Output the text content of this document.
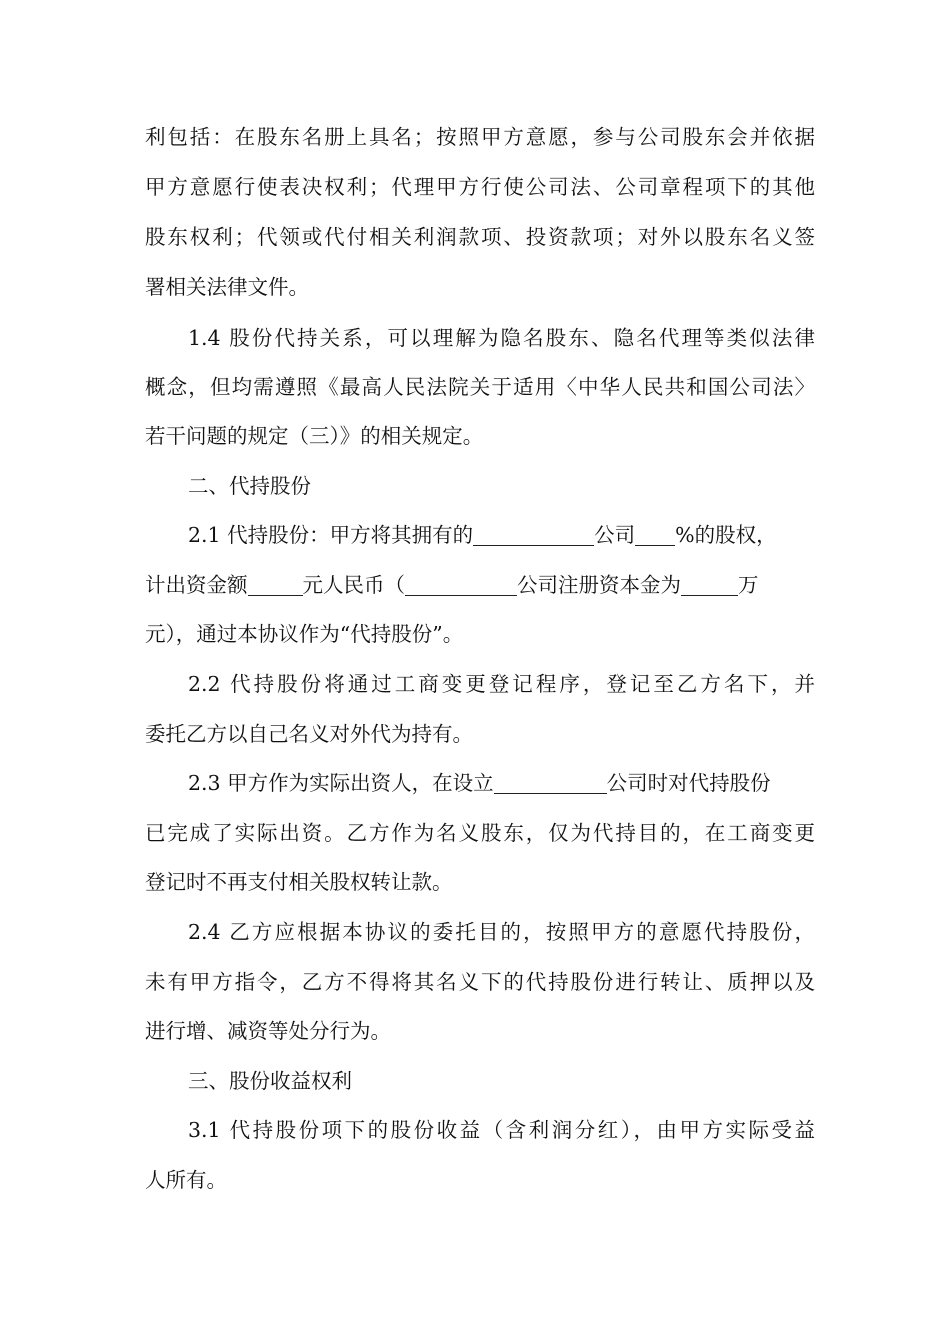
利包括：在股东名册上具名；按照甲方意愿，参与公司股东会并依据
甲方意愿行使表决权利；代理甲方行使公司法、公司章程项下的其他
股东权利；代领或代付相关利润款项、投资款项；对外以股东名义签
署相关法律文件。
1.4 股份代持关系，可以理解为隐名股东、隐名代理等类似法律
概念，但均需遵照《最高人民法院关于适用〈中华人民共和国公司法〉
若干问题的规定（三）》的相关规定。
二、代持股份
2.1 代持股份：甲方将其拥有的	公司 %的股权，
计出资金额	元人民币（	公司注册资本金为	万
元），通过本协议作为“代持股份”。
2.2 代持股份将通过工商变更登记程序，登记至乙方名下，并
委托乙方以自己名义对外代为持有。
2.3 甲方作为实际出资人，在设立	公司时对代持股份
已完成了实际出资。乙方作为名义股东，仅为代持目的，在工商变更
登记时不再支付相关股权转让款。
2.4 乙方应根据本协议的委托目的，按照甲方的意愿代持股份，
未有甲方指令，乙方不得将其名义下的代持股份进行转让、质押以及
进行增、减资等处分行为。
三、股份收益权利
3.1 代持股份项下的股份收益（含利润分红），由甲方实际受益
人所有。
